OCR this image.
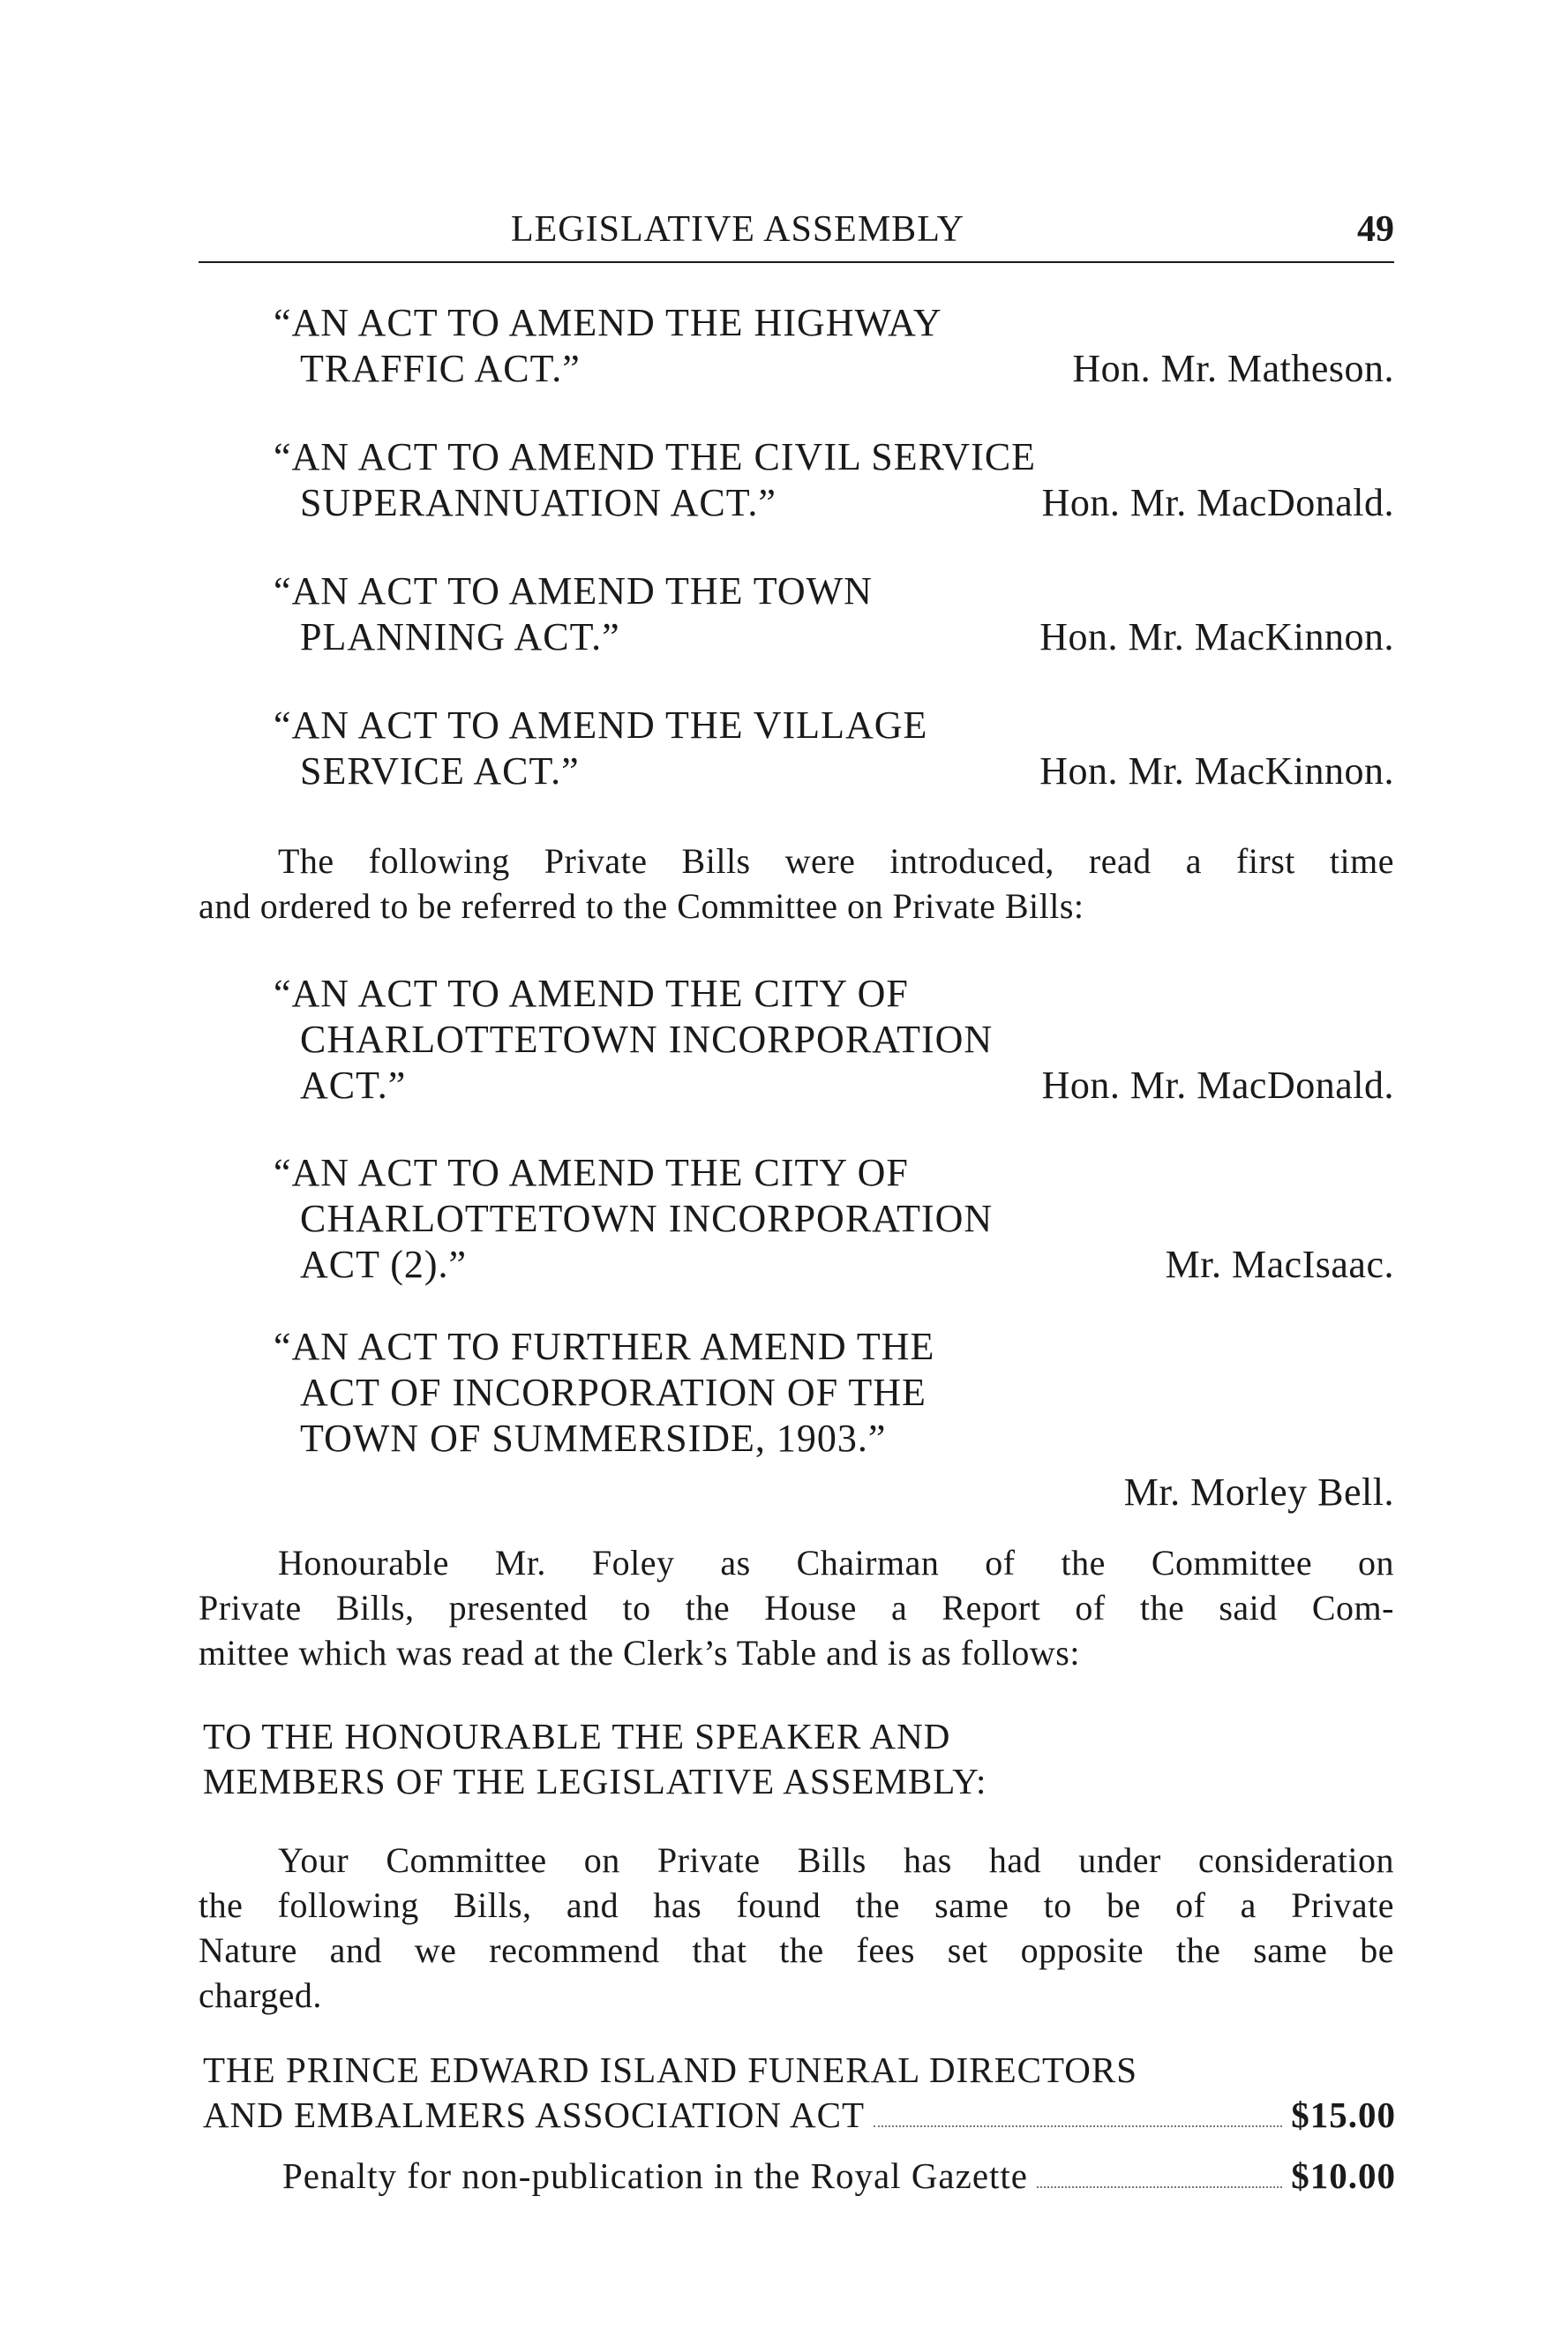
LEGISLATIVE ASSEMBLY	49
“AN ACT TO AMEND THE HIGHWAY
TRAFFIC ACT.”	Hon. Mr. Matheson.
“AN ACT TO AMEND THE CIVIL SERVICE
SUPERANNUATION ACT.”	Hon. Mr. MacDonald.
“AN ACT TO AMEND THE TOWN
PLANNING ACT.”	Hon. Mr. MacKinnon.
“AN ACT TO AMEND THE VILLAGE
SERVICE ACT.”	Hon. Mr. MacKinnon.
The following Private Bills were introduced, read a first time
and ordered to be referred to the Committee on Private Bills:
“AN ACT TO AMEND THE CITY OF
CHARLOTTETOWN INCORPORATION
ACT.”	Hon. Mr. MacDonald.
“AN ACT TO AMEND THE CITY OF
CHARLOTTETOWN INCORPORATION
ACT (2).”	Mr. MacIsaac.
“AN ACT TO FURTHER AMEND THE
ACT OF INCORPORATION OF THE
TOWN OF SUMMERSIDE, 1903.”
Mr. Morley Bell.
Honourable Mr. Foley as Chairman of the Committee on
Private Bills, presented to the House a Report of the said Com-
mittee which was read at the Clerk’s Table and is as follows:
TO THE HONOURABLE THE SPEAKER AND
MEMBERS OF THE LEGISLATIVE ASSEMBLY:
Your Committee on Private Bills has had under consideration
the following Bills, and has found the same to be of a Private
Nature and we recommend that the fees set opposite the same be
charged.
THE PRINCE EDWARD ISLAND FUNERAL DIRECTORS
AND EMBALMERS ASSOCIATION ACT	$15.00
Penalty for non-publication in the Royal Gazette	$10.00
